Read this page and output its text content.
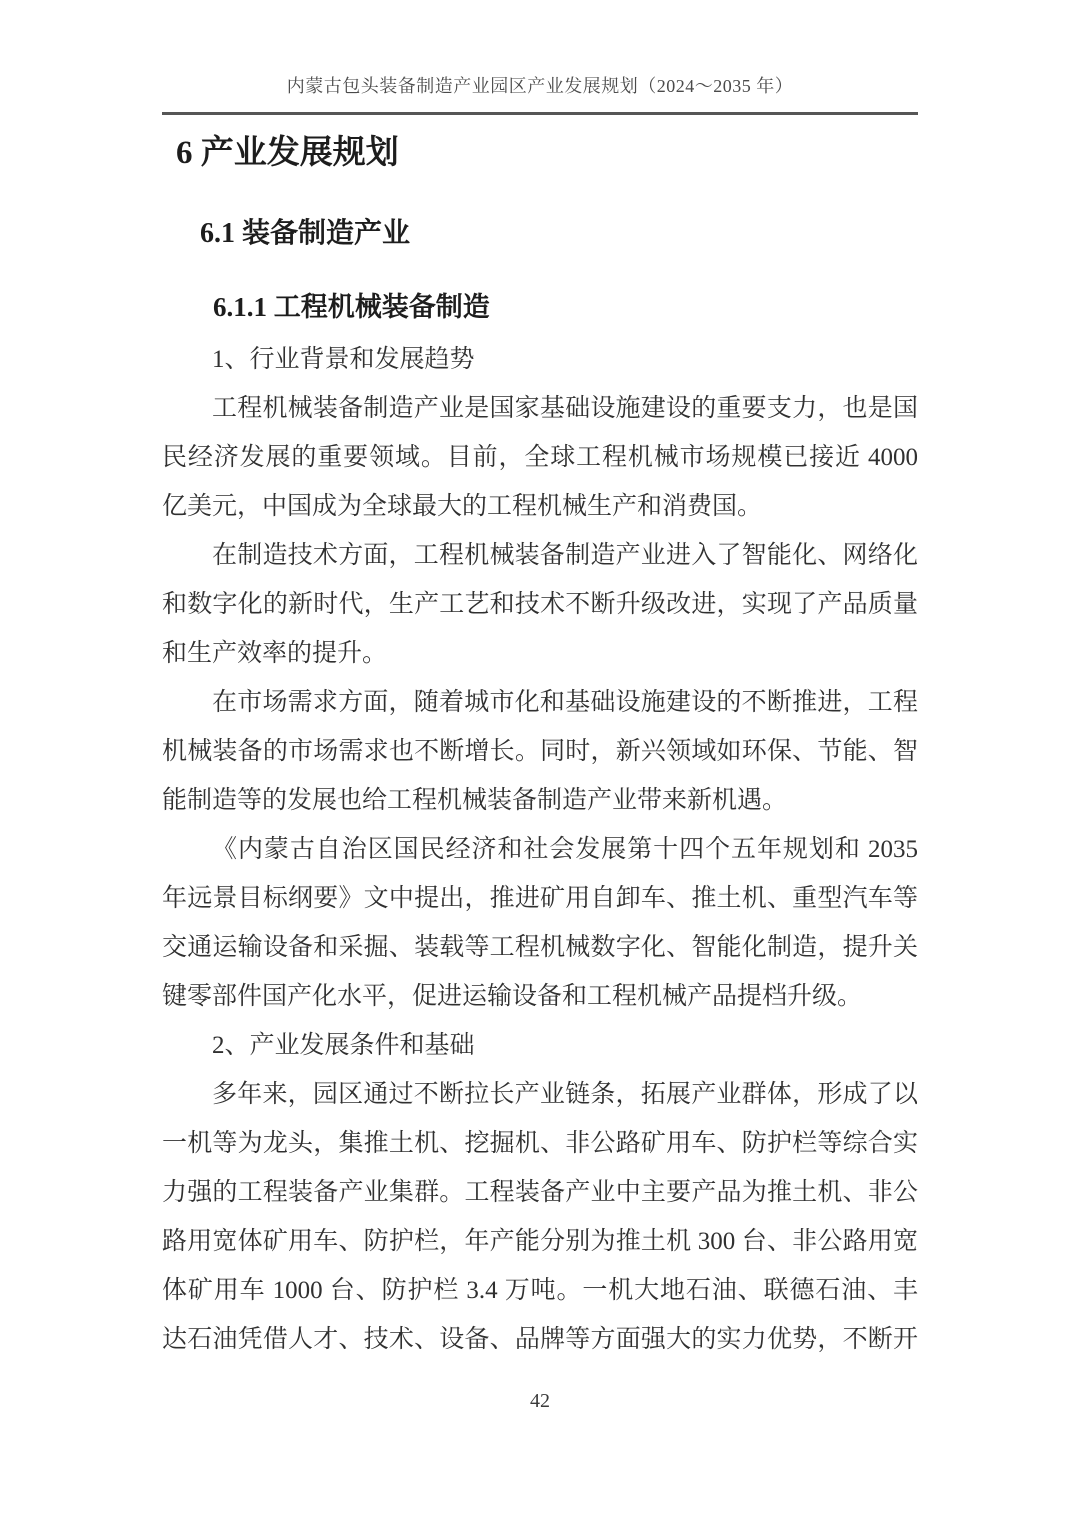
内蒙古包头装备制造产业园区产业发展规划（2024～2035 年）
6 产业发展规划
6.1 装备制造产业
6.1.1 工程机械装备制造
1、行业背景和发展趋势
工程机械装备制造产业是国家基础设施建设的重要支力，也是国
民经济发展的重要领域。目前，全球工程机械市场规模已接近 4000
亿美元，中国成为全球最大的工程机械生产和消费国。
在制造技术方面，工程机械装备制造产业进入了智能化、网络化
和数字化的新时代，生产工艺和技术不断升级改进，实现了产品质量
和生产效率的提升。
在市场需求方面，随着城市化和基础设施建设的不断推进，工程
机械装备的市场需求也不断增长。同时，新兴领域如环保、节能、智
能制造等的发展也给工程机械装备制造产业带来新机遇。
《内蒙古自治区国民经济和社会发展第十四个五年规划和 2035
年远景目标纲要》文中提出，推进矿用自卸车、推土机、重型汽车等
交通运输设备和采掘、装载等工程机械数字化、智能化制造，提升关
键零部件国产化水平，促进运输设备和工程机械产品提档升级。
2、产业发展条件和基础
多年来，园区通过不断拉长产业链条，拓展产业群体，形成了以
一机等为龙头，集推土机、挖掘机、非公路矿用车、防护栏等综合实
力强的工程装备产业集群。工程装备产业中主要产品为推土机、非公
路用宽体矿用车、防护栏，年产能分别为推土机 300 台、非公路用宽
体矿用车 1000 台、防护栏 3.4 万吨。一机大地石油、联德石油、丰
达石油凭借人才、技术、设备、品牌等方面强大的实力优势，不断开
42
